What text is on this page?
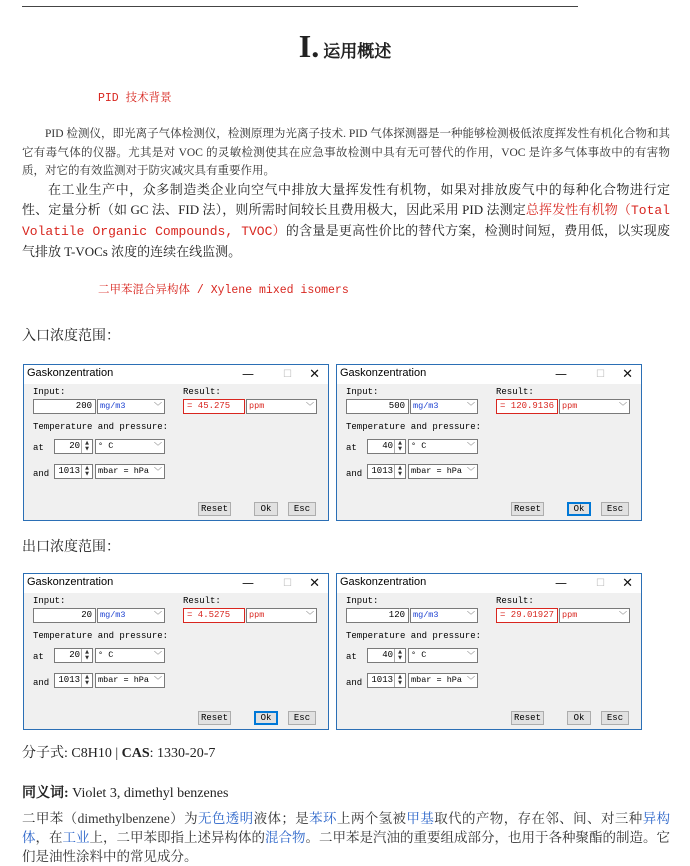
I. 运用概述
PID 技术背景
PID 检测仪，即光离子气体检测仪，检测原理为光离子技术. PID 气体探测器是一种能够检测极低浓度挥发性有机化合物和其它有毒气体的仪器。尤其是对 VOC 的灵敏检测使其在应急事故检测中具有无可替代的作用，VOC 是许多气体事故中的有害物质，对它的有效监测对于防灾减灾具有重要作用。
在工业生产中，众多制造类企业向空气中排放大量挥发性有机物，如果对排放废气中的每种化合物进行定性、定量分析（如 GC 法、FID 法），则所需时间较长且费用极大，因此采用 PID 法测定总挥发性有机物（Total Volatile Organic Compounds, TVOC）的含量是更高性价比的替代方案，检测时间短，费用低，以实现废气排放 T-VOCs 浓度的连续在线监测。
二甲苯混合异构体 / Xylene mixed isomers
入口浓度范围：
出口浓度范围：
Gaskonzentration	—	☐ ✕
Input:	Result:
200 mg/m3	﹀	= 45.275	ppm	﹀
Temperature and pressure:
at	20	▲
▼	° C	﹀
and	1013	▲
▼	mbar = hPa ﹀
Reset	Ok	Esc
Gaskonzentration	—	☐ ✕
Input:	Result:
500 mg/m3	﹀	= 120.9136 ppm	﹀
Temperature and pressure:
at	40	▲
▼	° C	﹀
and	1013	▲
▼	mbar = hPa ﹀
Reset	Ok	Esc
Gaskonzentration	—	☐ ✕
Input:	Result:
20 mg/m3	﹀	= 4.5275	ppm	﹀
Temperature and pressure:
at	20	▲
▼	° C	﹀
and	1013	▲
▼	mbar = hPa ﹀
Reset	Ok	Esc
Gaskonzentration	—	☐ ✕
Input:	Result:
120 mg/m3	﹀	= 29.01927 ppm	﹀
Temperature and pressure:
at	40	▲
▼	° C	﹀
and	1013	▲
▼	mbar = hPa ﹀
Reset	Ok	Esc
分子式: C8H10 | CAS: 1330-20-7
同义词: Violet 3, dimethyl benzenes
二甲苯（dimethylbenzene）为无色透明液体；是苯环上两个氢被甲基取代的产物，存在邻、间、对三种异构体，在工业上，二甲苯即指上述异构体的混合物。二甲苯是汽油的重要组成部分，也用于各种聚酯的制造。它们是油性涂料中的常见成分。
